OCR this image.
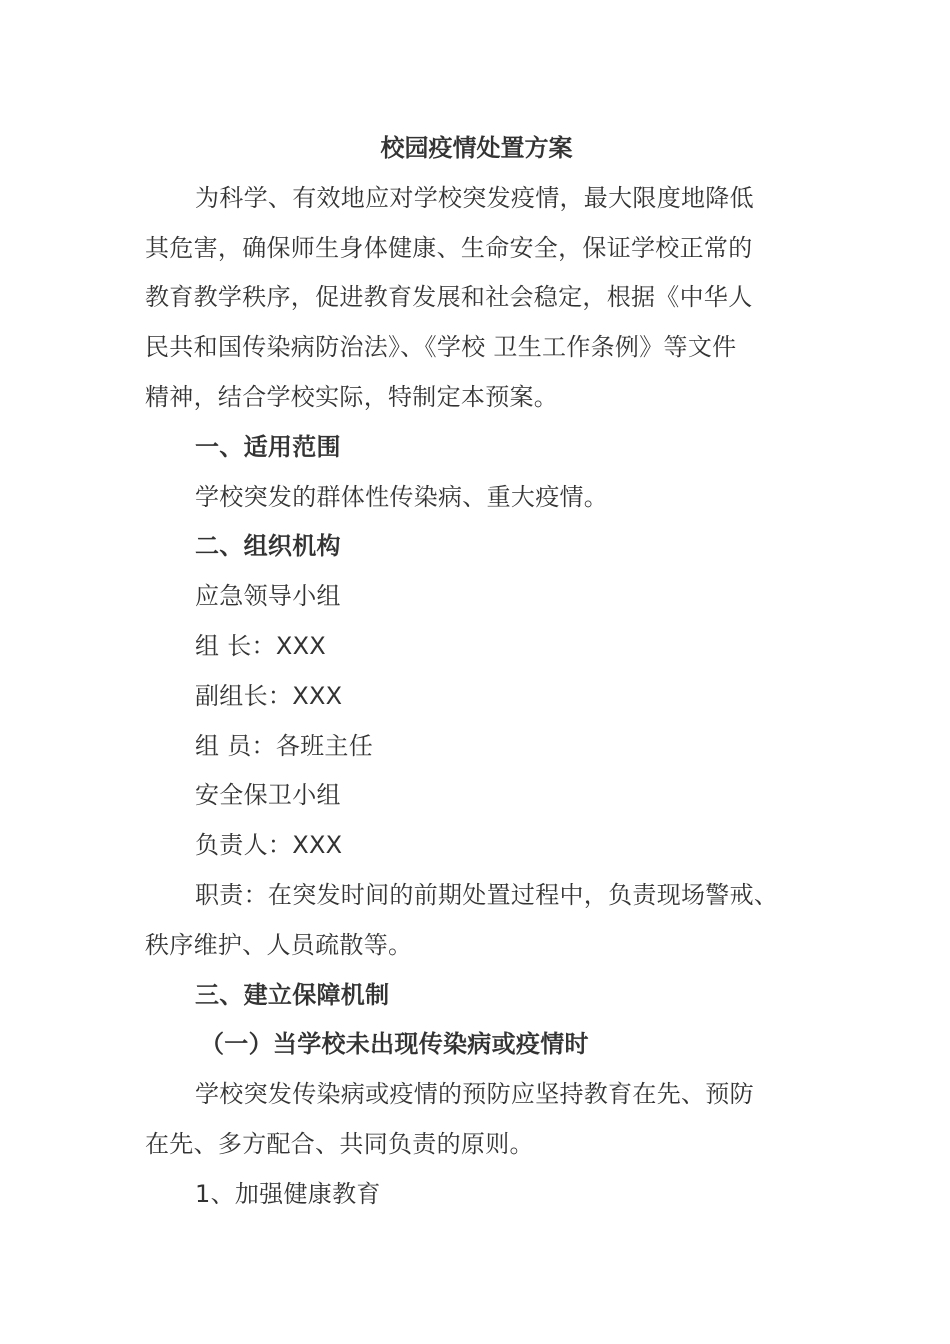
校园疫情处置方案
为科学、有效地应对学校突发疫情，最大限度地降低
其危害，确保师生身体健康、生命安全，保证学校正常的
教育教学秩序，促进教育发展和社会稳定，根据《中华人
民共和国传染病防治法》、《学校 卫生工作条例》等文件
精神，结合学校实际，特制定本预案。
一、适用范围
学校突发的群体性传染病、重大疫情。
二、组织机构
应急领导小组
组 长：XXX
副组长：XXX
组 员：各班主任
安全保卫小组
负责人：XXX
职责：在突发时间的前期处置过程中，负责现场警戒、
秩序维护、人员疏散等。
三、建立保障机制
（一）当学校未出现传染病或疫情时
学校突发传染病或疫情的预防应坚持教育在先、预防
在先、多方配合、共同负责的原则。
1、加强健康教育
